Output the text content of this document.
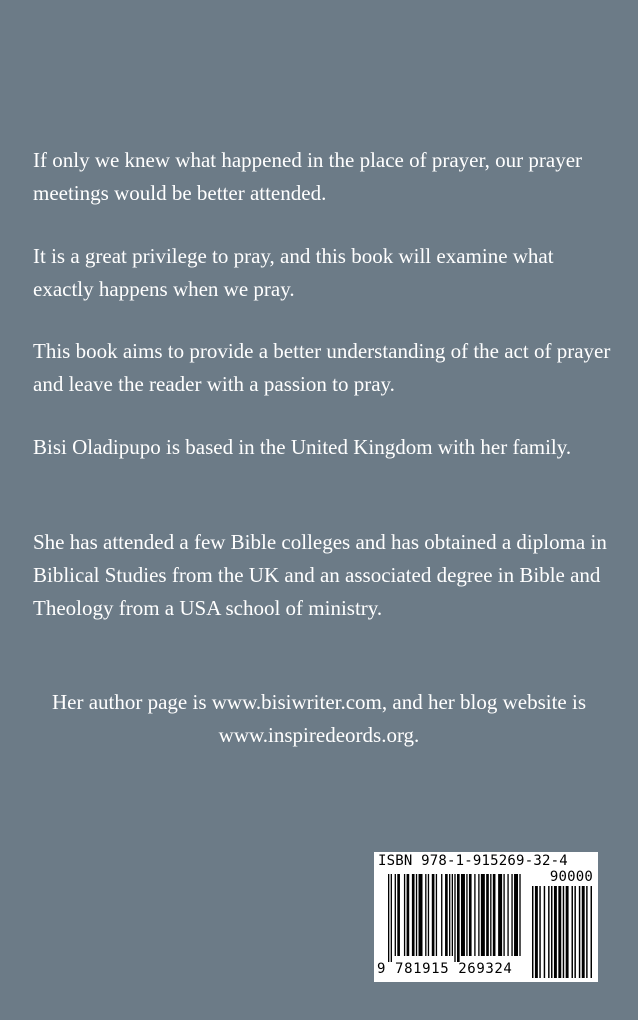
If only we knew what happened in the place of prayer, our prayer meetings would be better attended.

It is a great privilege to pray, and this book will examine what exactly happens when we pray.

This book aims to provide a better understanding of the act of prayer and leave the reader with a passion to pray.

Bisi Oladipupo is based in the United Kingdom with her family.

She has attended a few Bible colleges and has obtained a diploma in Biblical Studies from the UK and an associated degree in Bible and Theology from a USA school of ministry.

Her author page is www.bisiwriter.com, and her blog website is www.inspiredeords.org.

ISBN 978-1-915269-32-4
90000
9 781915 269324
